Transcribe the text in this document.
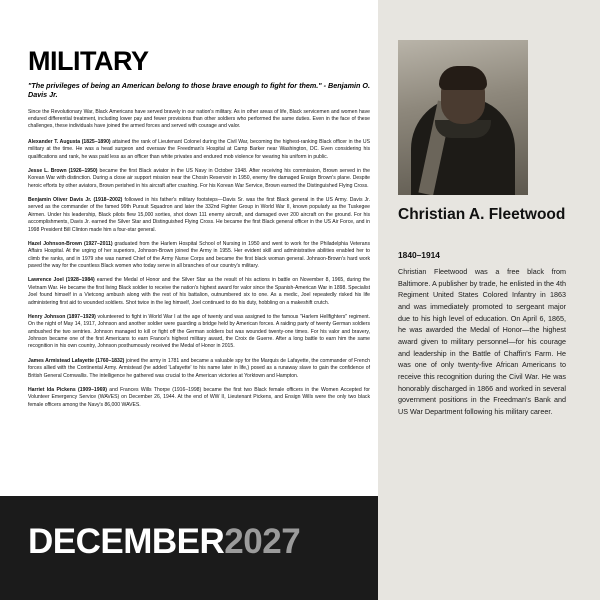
MILITARY
"The privileges of being an American belong to those brave enough to fight for them." - Benjamin O. Davis Jr.
Since the Revolutionary War, Black Americans have served bravely in our nation's military. As in other areas of life, Black servicemen and women have endured differential treatment, including lower pay and fewer provisions than other soldiers who performed the same duties. Even in the face of these challenges, these individuals have joined the armed forces and served with courage and valor.
Alexander T. Augusta (1825–1890) attained the rank of Lieutenant Colonel during the Civil War, becoming the highest-ranking Black officer in the US military at the time. He was a head surgeon and oversaw the Freedman's Hospital at Camp Barker near Washington, DC. Even considering his qualifications and rank, he was paid less as an officer than white privates and endured mob violence for wearing his uniform in public.
Jesse L. Brown (1926–1950) became the first Black aviator in the US Navy in October 1948. After receiving his commission, Brown served in the Korean War with distinction. During a close air support mission near the Chosin Reservoir in 1950, enemy fire damaged Ensign Brown's plane. Despite heroic efforts by other aviators, Brown perished in his aircraft after crashing. For his Korean War Service, Brown earned the Distinguished Flying Cross.
Benjamin Oliver Davis Jr. (1918–2002) followed in his father's military footsteps—Davis Sr. was the first Black general in the US Army. Davis Jr. served as the commander of the famed 99th Pursuit Squadron and later the 332nd Fighter Group in World War II, known popularly as the Tuskegee Airmen. Under his leadership, Black pilots flew 15,000 sorties, shot down 111 enemy aircraft, and damaged over 200 aircraft on the ground. For his accomplishments, Davis Jr. earned the Silver Star and Distinguished Flying Cross. He became the first Black general officer in the US Air Force, and in 1998 President Bill Clinton made him a four-star general.
Hazel Johnson-Brown (1927–2011) graduated from the Harlem Hospital School of Nursing in 1950 and went to work for the Philadelphia Veterans Affairs Hospital. At the urging of her superiors, Johnson-Brown joined the Army in 1955. Her evident skill and administrative abilities enabled her to climb the ranks, and in 1979 she was named Chief of the Army Nurse Corps and became the first black woman general. Johnson-Brown's hard work paved the way for the countless Black women who today serve in all branches of our country's military.
Lawrence Joel (1928–1984) earned the Medal of Honor and the Silver Star as the result of his actions in battle on November 8, 1965, during the Vietnam War. He became the first living Black soldier to receive the nation's highest award for valor since the Spanish-American War in 1898. Specialist Joel found himself in a Vietcong ambush along with the rest of his battalion, outnumbered six to one. As a medic, Joel repeatedly risked his life administering first aid to wounded soldiers. Shot twice in the leg himself, Joel continued to do his duty, hobbling on a makeshift crutch.
Henry Johnson (1897–1929) volunteered to fight in World War I at the age of twenty and was assigned to the famous "Harlem Hellfighters" regiment. On the night of May 14, 1917, Johnson and another soldier were guarding a bridge held by American forces. A raiding party of twenty German soldiers ambushed the two sentries. Johnson managed to kill or fight off the German soldiers but was wounded twenty-one times. For his valor and bravery, Johnson became one of the first Americans to earn France's highest military award, the Croix de Guerre. After a long battle to earn him the same recognition in his own country, Johnson posthumously received the Medal of Honor in 2015.
James Armistead Lafayette (1760–1832) joined the army in 1781 and became a valuable spy for the Marquis de Lafayette, the commander of French forces allied with the Continental Army. Armistead (he added 'Lafayette' to his name later in life,) posed as a runaway slave to gain the confidence of British General Cornwallis. The intelligence he gathered was crucial to the American victories at Yorktown and Hampton.
Harriet Ida Pickens (1909–1969) and Frances Wills Thorpe (1916–1998) became the first two Black female officers in the Women Accepted for Volunteer Emergency Service (WAVES) on December 26, 1944. At the end of WW II, Lieutenant Pickens, and Ensign Wills were the only two black female officers among the Navy's 86,000 WAVES.
Christian A. Fleetwood
1840–1914
Christian Fleetwood was a free black from Baltimore. A publisher by trade, he enlisted in the 4th Regiment United States Colored Infantry in 1863 and was immediately promoted to sergeant major due to his high level of education. On April 6, 1865, he was awarded the Medal of Honor—the highest award given to military personnel—for his courage and leadership in the Battle of Chaffin's Farm. He was one of only twenty-five African Americans to receive this recognition during the Civil War. He was honorably discharged in 1866 and worked in several government positions in the Freedman's Bank and US War Department following his military career.
DECEMBER2027
